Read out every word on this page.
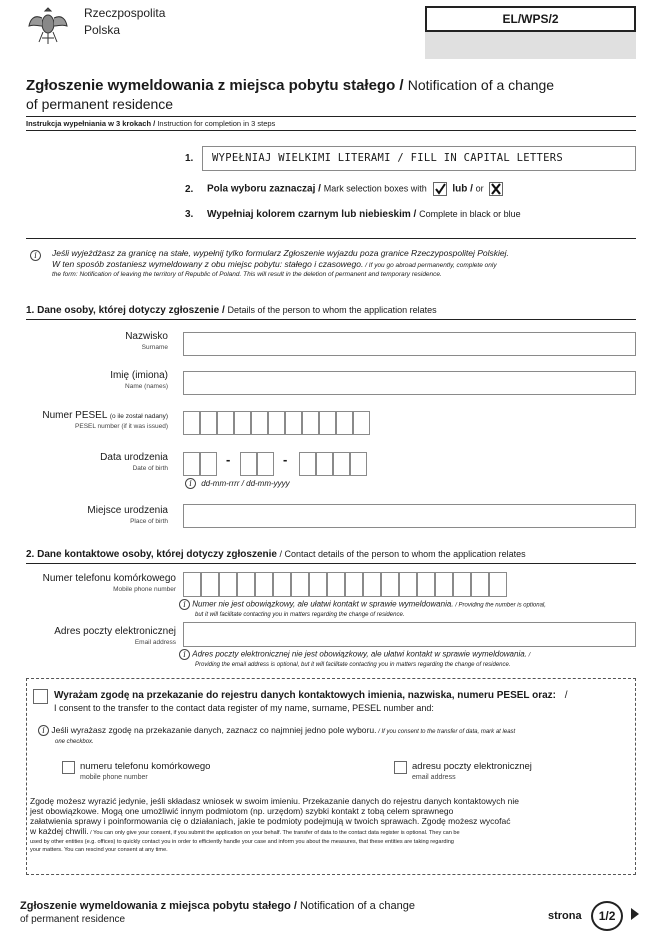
Rzeczpospolita
Polska
EL/WPS/2
Zgłoszenie wymeldowania z miejsca pobytu stałego / Notification of a change
of permanent residence
Instrukcja wypełniania w 3 krokach / Instruction for completion in 3 steps
1. WYPEŁNIAJ WIELKIMI LITERAMI / FILL IN CAPITAL LETTERS
2. Pola wyboru zaznaczaj / Mark selection boxes with	lub / or
3. Wypełniaj kolorem czarnym lub niebieskim / Complete in black or blue
i	Jeśli wyjeżdżasz za granicę na stałe, wypełnij tylko formularz Zgłoszenie wyjazdu poza granice Rzeczypospolitej Polskiej.
W ten sposób zostaniesz wymeldowany z obu miejsc pobytu: stałego i czasowego. / If you go abroad permanently, complete only
the form: Notification of leaving the territory of Republic of Poland. This will result in the deletion of permanent and temporary residence.
1. Dane osoby, której dotyczy zgłoszenie / Details of the person to whom the application relates
Nazwisko
Surname
Imię (imiona)
Name (names)
Numer PESEL (o ile został nadany)
PESEL number (if it was issued)
Data urodzenia
Date of birth
-	-
i dd-mm-rrrr / dd-mm-yyyy
Miejsce urodzenia
Place of birth
2. Dane kontaktowe osoby, której dotyczy zgłoszenie / Contact details of the person to whom the application relates
Numer telefonu komórkowego
Mobile phone number
i Numer nie jest obowiązkowy, ale ułatwi kontakt w sprawie wymeldowania. / Providing the number is optional,
but it will facilitate contacting you in matters regarding the change of residence.
Adres poczty elektronicznej
Email address
i Adres poczty elektronicznej nie jest obowiązkowy, ale ułatwi kontakt w sprawie wymeldowania. /
Providing the email address is optional, but it will facilitate contacting you in matters regarding the change of residence.
Wyrażam zgodę na przekazanie do rejestru danych kontaktowych imienia, nazwiska, numeru PESEL oraz: /
I consent to the transfer to the contact data register of my name, surname, PESEL number and:
i Jeśli wyrażasz zgodę na przekazanie danych, zaznacz co najmniej jedno pole wyboru. / If you consent to the transfer of data, mark at least
one checkbox.
numeru telefonu komórkowego
mobile phone number
adresu poczty elektronicznej
email address
Zgodę możesz wyrazić jedynie, jeśli składasz wniosek w swoim imieniu. Przekazanie danych do rejestru danych kontaktowych nie
jest obowiązkowe. Mogą one umożliwić innym podmiotom (np. urzędom) szybki kontakt z tobą celem sprawnego
załatwienia sprawy i poinformowania cię o działaniach, jakie te podmioty podejmują w twoich sprawach. Zgodę możesz wycofać
w każdej chwili. / You can only give your consent, if you submit the application on your behalf. The transfer of data to the contact data register is optional. They can be
used by other entities (e.g. offices) to quickly contact you in order to efficiently handle your case and inform you about the measures, that these entities are taking regarding
your matters. You can rescind your consent at any time.
Zgłoszenie wymeldowania z miejsca pobytu stałego / Notification of a change
of permanent residence	strona 1/2
